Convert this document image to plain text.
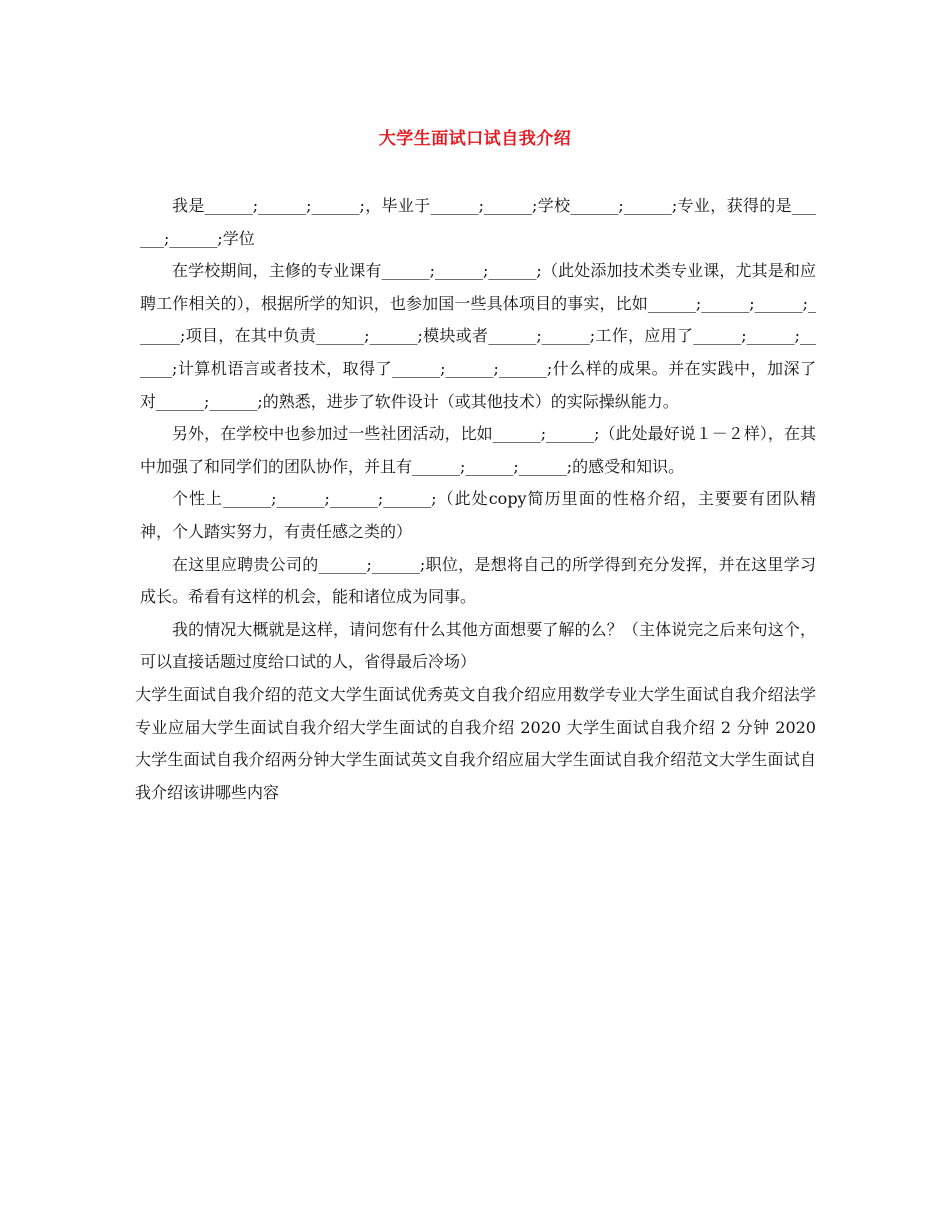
大学生面试口试自我介绍

我是______;______;______;，毕业于______;______;学校______;______;专业，获得的是______;______;学位

在学校期间，主修的专业课有______;______;______;（此处添加技术类专业课，尤其是和应聘工作相关的），根据所学的知识，也参加国一些具体项目的事实，比如______;______;______;______;项目，在其中负责______;______;模块或者______;______;工作，应用了______;______;______;计算机语言或者技术，取得了______;______;______;什么样的成果。并在实践中，加深了对______;______;的熟悉，进步了软件设计（或其他技术）的实际操纵能力。

另外，在学校中也参加过一些社团活动，比如______;______;（此处最好说１－２样），在其中加强了和同学们的团队协作，并且有______;______;______;的感受和知识。

个性上______;______;______;______;（此处copy简历里面的性格介绍，主要要有团队精神，个人踏实努力，有责任感之类的）

在这里应聘贵公司的______;______;职位，是想将自己的所学得到充分发挥，并在这里学习成长。希看有这样的机会，能和诸位成为同事。

我的情况大概就是这样，请问您有什么其他方面想要了解的么？（主体说完之后来句这个，可以直接话题过度给口试的人，省得最后冷场）

大学生面试自我介绍的范文大学生面试优秀英文自我介绍应用数学专业大学生面试自我介绍法学专业应届大学生面试自我介绍大学生面试的自我介绍 2020 大学生面试自我介绍 2 分钟 2020 大学生面试自我介绍两分钟大学生面试英文自我介绍应届大学生面试自我介绍范文大学生面试自我介绍该讲哪些内容
